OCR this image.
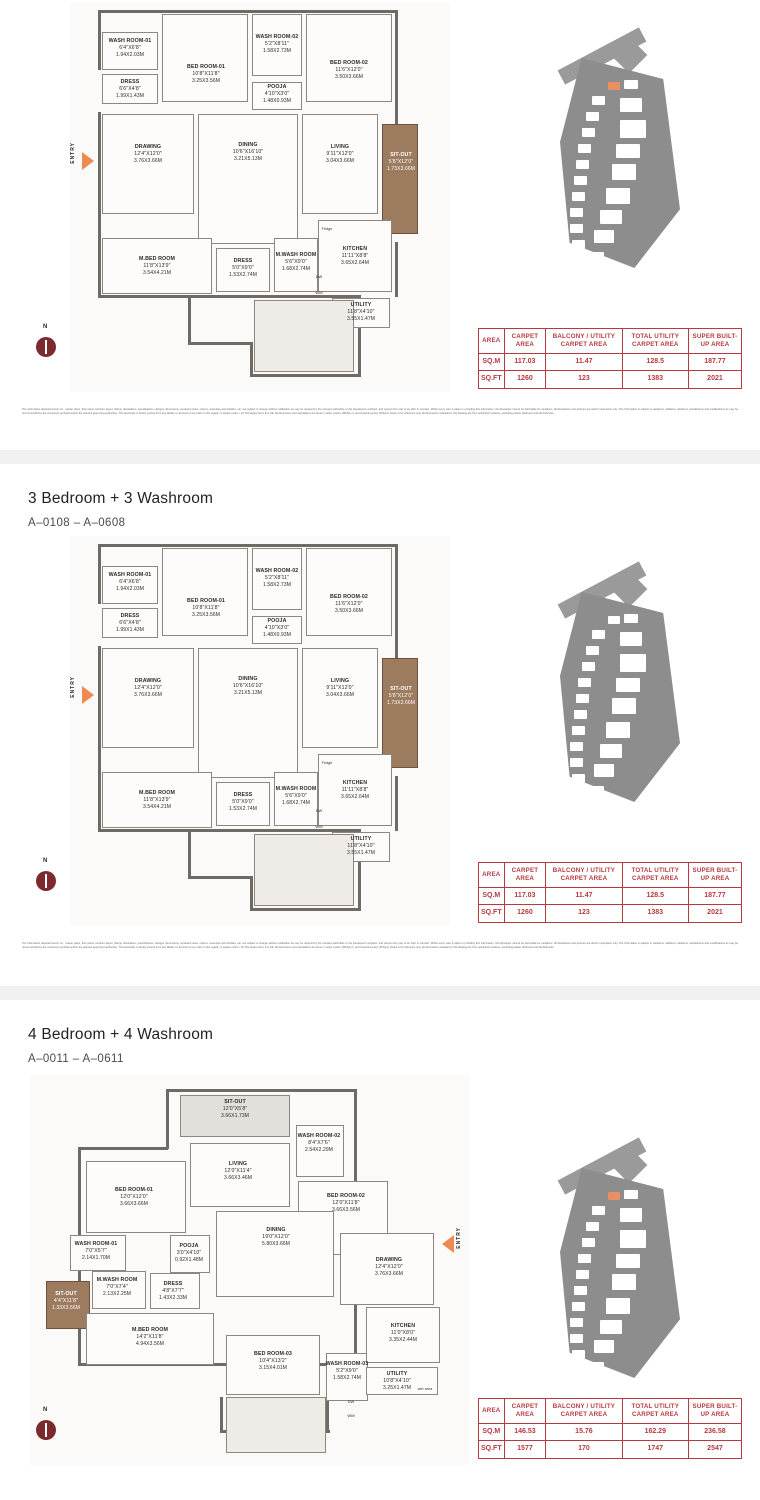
WASH ROOM-01
6'4"X6'8"
1.94X2.03M
DRESS
6'6"X4'8"
1.99X1.43M
BED ROOM-01
10'8"X11'8"
3.25X3.56M
WASH ROOM-02
5'2"X8'11"
1.58X2.73M
BED ROOM-02
11'6"X12'0"
3.50X3.66M
POOJA
4'10"X3'0"
1.48X0.93M
DRAWING
12'4"X12'0"
3.76X3.66M
DINING
10'6"X16'10"
3.21X5.13M
LIVING
9'11"X12'0"
3.04X3.66M
SIT-OUT
5'8"X12'0"
1.73X3.66M
KITCHEN
11'11"X8'8"
3.65X2.64M
M.BED ROOM
11'8"X13'9"
3.54X4.21M
DRESS
5'0"X9'0"
1.53X2.74M
M.WASH ROOM
5'6"X9'0"
1.68X2.74M
UTILITY
11'8"X4'10"
3.55X1.47M
DW
WM
Fridge
ENTRY
N
AREA	CARPET AREA	BALCONY / UTILITY CARPET AREA	TOTAL UTILITY CARPET AREA	SUPER BUILT-UP AREA
SQ.M	117.03	11.47	128.5	187.77
SQ.FT	1260	123	1383	2021
The information depicted herein viz., master plans, floor plans, furniture layout, fittings, illustrations, specifications, designs, dimensions, rendered views, colours, amenities and facilities, etc. are subject to change without notification as may be required by the relevant authorities or the Developer's architect, and cannot form part of an offer or contract. Whilst every care is taken in providing this information, the Developer cannot be held liable for variations. All illustrations and pictures are artist's impression only. The information is subject to variations, additions, deletions, substitutions and modifications as may be recommended by the company's architect and/or the relevant approving authorities. The Developer is wholly exempt from any liability on account of any claim in this regard. (1 square metre = 10.764 square feet). E & OE. All dimensions and calculations are done in metric system (MKSq.m), and imperial system (Ft/Sq.ft) shown is for reference only. All dimensions indicated in this drawing are from unfinished surfaces, excluding plaster thickness and tile thickness.
3 Bedroom + 3 Washroom
A–0108 – A–0608
WASH ROOM-01
6'4"X6'8"
1.94X2.03M
DRESS
6'6"X4'8"
1.99X1.43M
BED ROOM-01
10'8"X11'8"
3.25X3.56M
WASH ROOM-02
5'2"X8'11"
1.58X2.73M
BED ROOM-02
11'6"X12'0"
3.50X3.66M
POOJA
4'10"X3'0"
1.48X0.93M
DRAWING
12'4"X12'0"
3.76X3.66M
DINING
10'6"X16'10"
3.21X5.13M
LIVING
9'11"X12'0"
3.04X3.66M
SIT-OUT
5'8"X12'0"
1.73X3.66M
KITCHEN
11'11"X8'8"
3.65X2.64M
M.BED ROOM
11'8"X13'9"
3.54X4.21M
DRESS
5'0"X9'0"
1.53X2.74M
M.WASH ROOM
5'6"X9'0"
1.68X2.74M
UTILITY
11'8"X4'10"
3.55X1.47M
DW
WM
Fridge
ENTRY
N
AREA	CARPET AREA	BALCONY / UTILITY CARPET AREA	TOTAL UTILITY CARPET AREA	SUPER BUILT-UP AREA
SQ.M	117.03	11.47	128.5	187.77
SQ.FT	1260	123	1383	2021
The information depicted herein viz., master plans, floor plans, furniture layout, fittings, illustrations, specifications, designs, dimensions, rendered views, colours, amenities and facilities, etc. are subject to change without notification as may be required by the relevant authorities or the Developer's architect, and cannot form part of an offer or contract. Whilst every care is taken in providing this information, the Developer cannot be held liable for variations. All illustrations and pictures are artist's impression only. The information is subject to variations, additions, deletions, substitutions and modifications as may be recommended by the company's architect and/or the relevant approving authorities. The Developer is wholly exempt from any liability on account of any claim in this regard. (1 square metre = 10.764 square feet). E & OE. All dimensions and calculations are done in metric system (MKSq.m), and imperial system (Ft/Sq.ft) shown is for reference only. All dimensions indicated in this drawing are from unfinished surfaces, excluding plaster thickness and tile thickness.
4 Bedroom + 4 Washroom
A–0011 – A–0611
SIT-OUT
12'0"X5'8"
3.66X1.73M
LIVING
12'0"X11'4"
3.66X3.46M
WASH ROOM-02
8'4"X7'6"
2.54X2.29M
BED ROOM-02
12'0"X11'8"
3.66X3.56M
BED ROOM-01
12'0"X12'0"
3.66X3.66M
WASH ROOM-01
7'0"X5'7"
2.14X1.70M
POOJA
3'0"X4'10"
0.92X1.48M
DINING
19'0"X12'0"
5.80X3.66M
DRAWING
12'4"X12'0"
3.76X3.66M
M.WASH ROOM
7'0"X7'4"
2.13X2.25M
DRESS
4'8"X7'7"
1.43X2.33M
SIT-OUT
4'4"X11'8"
1.33X3.56M
M.BED ROOM
14'2"X11'8"
4.94X3.56M
BED ROOM-03
10'4"X13'2"
3.15X4.01M
WASH ROOM-03
5'2"X9'0"
1.58X2.74M
KITCHEN
11'0"X8'0"
3.35X2.44M
UTILITY
10'8"X4'10"
3.25X1.47M
DW
WM
wet area
ENTRY
N	AREA	CARPET AREA	BALCONY / UTILITY CARPET AREA	TOTAL UTILITY CARPET AREA	SUPER BUILT-UP AREA
SQ.M	146.53	15.76	162.29	236.58
SQ.FT	1577	170	1747	2547
